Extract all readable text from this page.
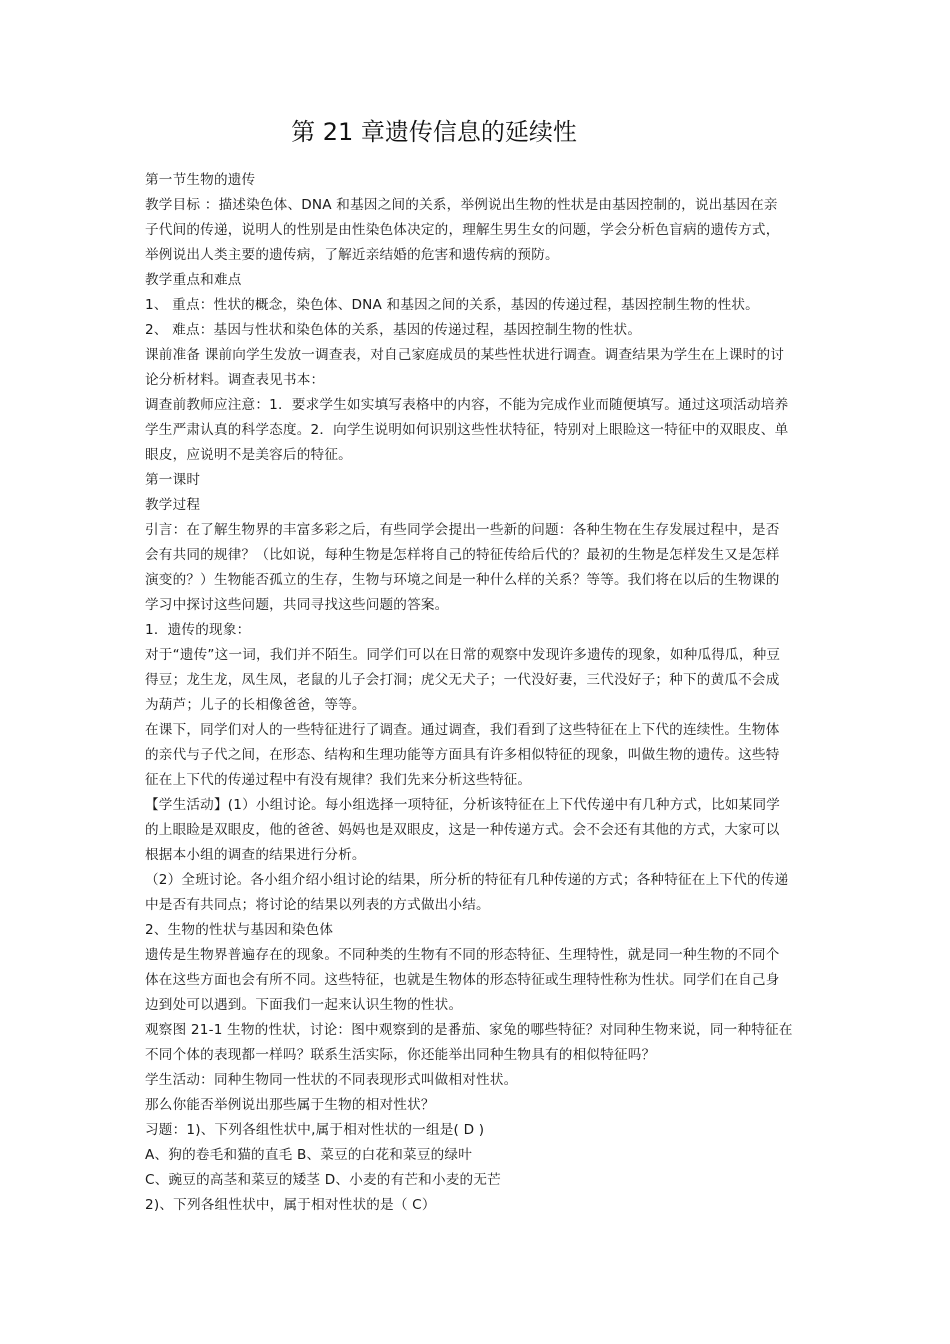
第 21 章遗传信息的延续性

第一节生物的遗传

教学目标 ：描述染色体、DNA 和基因之间的关系，举例说出生物的性状是由基因控制的，说出基因在亲

子代间的传递，说明人的性别是由性染色体决定的，理解生男生女的问题，学会分析色盲病的遗传方式，

举例说出人类主要的遗传病，了解近亲结婚的危害和遗传病的预防。

教学重点和难点

1、 重点：性状的概念，染色体、DNA 和基因之间的关系，基因的传递过程，基因控制生物的性状。

2、 难点：基因与性状和染色体的关系，基因的传递过程，基因控制生物的性状。

课前准备 课前向学生发放一调查表，对自己家庭成员的某些性状进行调查。调查结果为学生在上课时的讨

论分析材料。调查表见书本：

调查前教师应注意：1．要求学生如实填写表格中的内容，不能为完成作业而随便填写。通过这项活动培养

学生严肃认真的科学态度。2．向学生说明如何识别这些性状特征，特别对上眼睑这一特征中的双眼皮、单

眼皮，应说明不是美容后的特征。

第一课时

教学过程

引言：在了解生物界的丰富多彩之后，有些同学会提出一些新的问题：各种生物在生存发展过程中，是否

会有共同的规律？（比如说，每种生物是怎样将自己的特征传给后代的？最初的生物是怎样发生又是怎样

演变的？）生物能否孤立的生存，生物与环境之间是一种什么样的关系？等等。我们将在以后的生物课的

学习中探讨这些问题，共同寻找这些问题的答案。

1．遗传的现象：

对于“遗传”这一词，我们并不陌生。同学们可以在日常的观察中发现许多遗传的现象，如种瓜得瓜，种豆

得豆；龙生龙，凤生凤，老鼠的儿子会打洞；虎父无犬子；一代没好妻，三代没好子；种下的黄瓜不会成

为葫芦；儿子的长相像爸爸，等等。

在课下，同学们对人的一些特征进行了调查。通过调查，我们看到了这些特征在上下代的连续性。生物体

的亲代与子代之间，在形态、结构和生理功能等方面具有许多相似特征的现象，叫做生物的遗传。这些特

征在上下代的传递过程中有没有规律？我们先来分析这些特征。

【学生活动】(1）小组讨论。每小组选择一项特征，分析该特征在上下代传递中有几种方式，比如某同学

的上眼睑是双眼皮，他的爸爸、妈妈也是双眼皮，这是一种传递方式。会不会还有其他的方式，大家可以

根据本小组的调查的结果进行分析。

（2）全班讨论。各小组介绍小组讨论的结果，所分析的特征有几种传递的方式；各种特征在上下代的传递

中是否有共同点；将讨论的结果以列表的方式做出小结。

2、生物的性状与基因和染色体

遗传是生物界普遍存在的现象。不同种类的生物有不同的形态特征、生理特性，就是同一种生物的不同个

体在这些方面也会有所不同。这些特征，也就是生物体的形态特征或生理特性称为性状。同学们在自己身

边到处可以遇到。下面我们一起来认识生物的性状。

观察图 21-1 生物的性状，讨论：图中观察到的是番茄、家兔的哪些特征？对同种生物来说，同一种特征在

不同个体的表现都一样吗？联系生活实际，你还能举出同种生物具有的相似特征吗？

学生活动：同种生物同一性状的不同表现形式叫做相对性状。

那么你能否举例说出那些属于生物的相对性状？

习题：1)、下列各组性状中,属于相对性状的一组是( D )

A、狗的卷毛和猫的直毛 B、菜豆的白花和菜豆的绿叶

C、豌豆的高茎和菜豆的矮茎 D、小麦的有芒和小麦的无芒

2)、下列各组性状中，属于相对性状的是（ C）
